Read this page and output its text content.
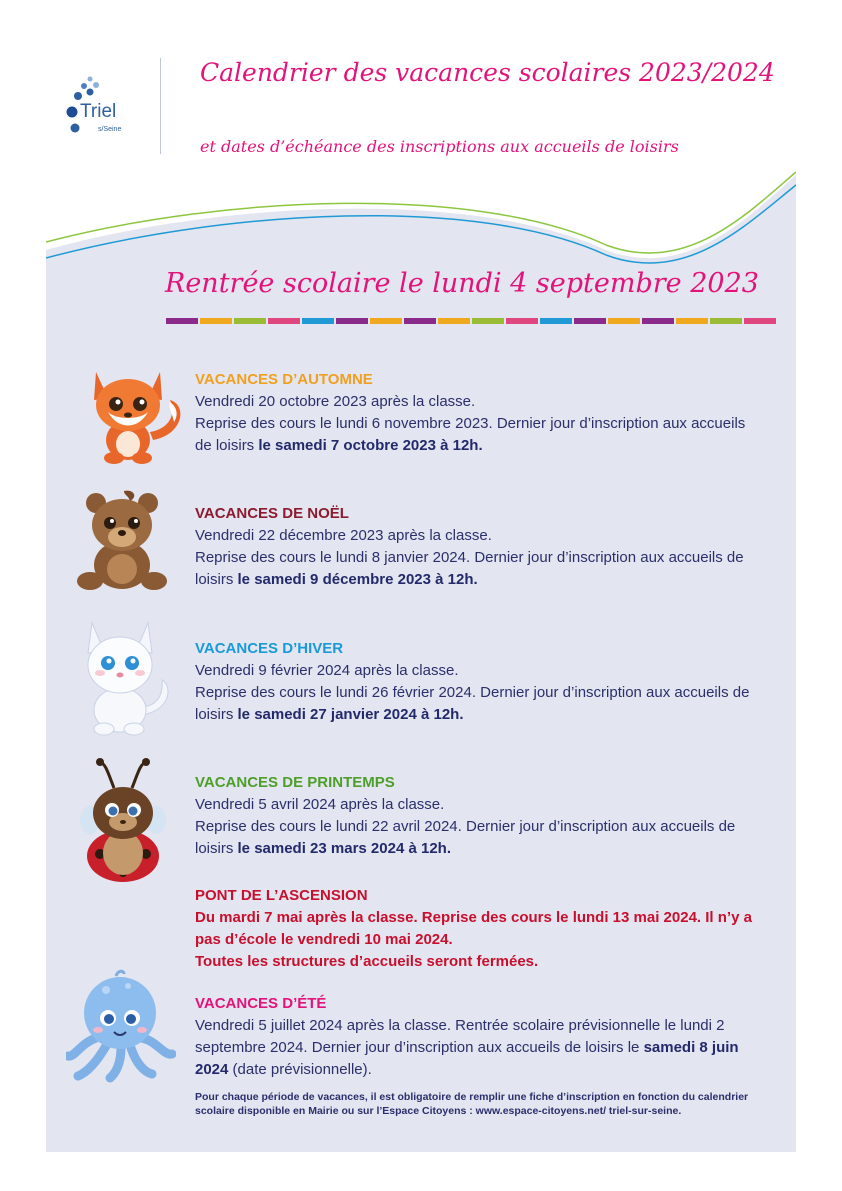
Triel
s/Seine
Calendrier des vacances scolaires 2023/2024
et dates d’échéance des inscriptions aux accueils de loisirs
Rentrée scolaire le lundi 4 septembre 2023
VACANCES D’AUTOMNE

Vendredi 20 octobre 2023 après la classe.

Reprise des cours le lundi 6 novembre 2023. Dernier jour d’inscription aux accueils de loisirs le samedi 7 octobre 2023 à 12h.

VACANCES DE NOËL

Vendredi 22 décembre 2023 après la classe.

Reprise des cours le lundi 8 janvier 2024. Dernier jour d’inscription aux accueils de loisirs le samedi 9 décembre 2023 à 12h.

VACANCES D’HIVER

Vendredi 9 février 2024 après la classe.

Reprise des cours le lundi 26 février 2024. Dernier jour d’inscription aux accueils de loisirs le samedi 27 janvier 2024 à 12h.

VACANCES DE PRINTEMPS

Vendredi 5 avril 2024 après la classe.

Reprise des cours le lundi 22 avril 2024. Dernier jour d’inscription aux accueils de loisirs le samedi 23 mars 2024 à 12h.

PONT DE L’ASCENSION

Du mardi 7 mai après la classe. Reprise des cours le lundi 13 mai 2024. Il n’y a pas d’école le vendredi 10 mai 2024.

Toutes les structures d’accueils seront fermées.

VACANCES D’ÉTÉ

Vendredi 5 juillet 2024 après la classe. Rentrée scolaire prévisionnelle le lundi 2 septembre 2024. Dernier jour d’inscription aux accueils de loisirs le samedi 8 juin 2024 (date prévisionnelle).

Pour chaque période de vacances, il est obligatoire de remplir une fiche d’inscription en fonction du calendrier scolaire disponible en Mairie ou sur l’Espace Citoyens : www.espace-citoyens.net/ triel-sur-seine.
